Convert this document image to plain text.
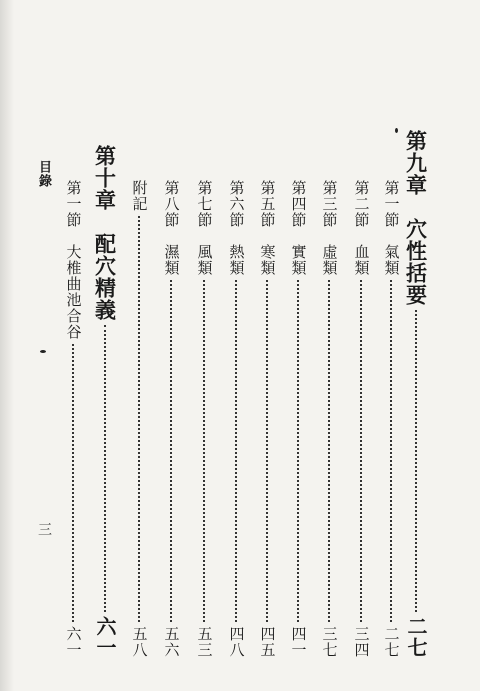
目錄
三
第九章　穴性括要
二七
第一節　氣類
二七
第二節　血類
三四
第三節　虛類
三七
第四節　實類
四一
第五節　寒類
四五
第六節　熱類
四八
第七節　風類
五三
第八節　濕類
五六
附記
五八
第十章　配穴精義
六一
第一節　大椎曲池合谷
六一
